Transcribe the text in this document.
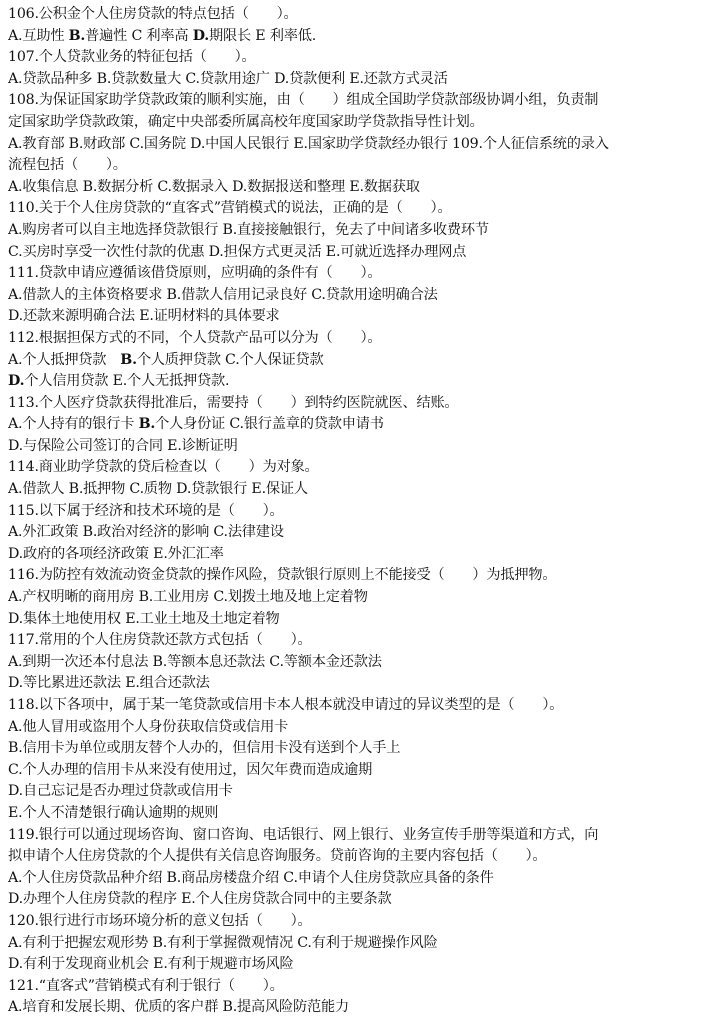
106.公积金个人住房贷款的特点包括（　　）。
A.互助性 B.普遍性 C 利率高 D.期限长 E 利率低.
107.个人贷款业务的特征包括（　　）。
A.贷款品种多 B.贷款数量大 C.贷款用途广 D.贷款便利 E.还款方式灵活
108.为保证国家助学贷款政策的顺利实施，由（　　）组成全国助学贷款部级协调小组，负责制
定国家助学贷款政策，确定中央部委所属高校年度国家助学贷款指导性计划。
A.教育部 B.财政部 C.国务院 D.中国人民银行 E.国家助学贷款经办银行 109.个人征信系统的录入
流程包括（　　）。
A.收集信息 B.数据分析 C.数据录入 D.数据报送和整理 E.数据获取
110.关于个人住房贷款的“直客式”营销模式的说法，正确的是（　　）。
A.购房者可以自主地选择贷款银行 B.直接接触银行，免去了中间诸多收费环节
C.买房时享受一次性付款的优惠 D.担保方式更灵活 E.可就近选择办理网点
111.贷款申请应遵循该借贷原则，应明确的条件有（　　）。
A.借款人的主体资格要求 B.借款人信用记录良好 C.贷款用途明确合法
D.还款来源明确合法 E.证明材料的具体要求
112.根据担保方式的不同，个人贷款产品可以分为（　　）。
A.个人抵押贷款　B.个人质押贷款 C.个人保证贷款
D.个人信用贷款 E.个人无抵押贷款.
113.个人医疗贷款获得批准后，需要持（　　）到特约医院就医、结账。
A.个人持有的银行卡 B.个人身份证 C.银行盖章的贷款申请书
D.与保险公司签订的合同 E.诊断证明
114.商业助学贷款的贷后检查以（　　）为对象。
A.借款人 B.抵押物 C.质物 D.贷款银行 E.保证人
115.以下属于经济和技术环境的是（　　）。
A.外汇政策 B.政治对经济的影响 C.法律建设
D.政府的各项经济政策 E.外汇汇率
116.为防控有效流动资金贷款的操作风险，贷款银行原则上不能接受（　　）为抵押物。
A.产权明晰的商用房 B.工业用房 C.划拨土地及地上定着物
D.集体土地使用权 E.工业土地及土地定着物
117.常用的个人住房贷款还款方式包括（　　）。
A.到期一次还本付息法 B.等额本息还款法 C.等额本金还款法
D.等比累进还款法 E.组合还款法
118.以下各项中，属于某一笔贷款或信用卡本人根本就没申请过的异议类型的是（　　）。
A.他人冒用或盗用个人身份获取信贷或信用卡
B.信用卡为单位或朋友替个人办的，但信用卡没有送到个人手上
C.个人办理的信用卡从来没有使用过，因欠年费而造成逾期
D.自己忘记是否办理过贷款或信用卡
E.个人不清楚银行确认逾期的规则
119.银行可以通过现场咨询、窗口咨询、电话银行、网上银行、业务宣传手册等渠道和方式，向
拟申请个人住房贷款的个人提供有关信息咨询服务。贷前咨询的主要内容包括（　　）。
A.个人住房贷款品种介绍 B.商品房楼盘介绍 C.申请个人住房贷款应具备的条件
D.办理个人住房贷款的程序 E.个人住房贷款合同中的主要条款
120.银行进行市场环境分析的意义包括（　　）。
A.有利于把握宏观形势 B.有利于掌握微观情况 C.有利于规避操作风险
D.有利于发现商业机会 E.有利于规避市场风险
121.“直客式”营销模式有利于银行（　　）。
A.培育和发展长期、优质的客户群 B.提高风险防范能力
